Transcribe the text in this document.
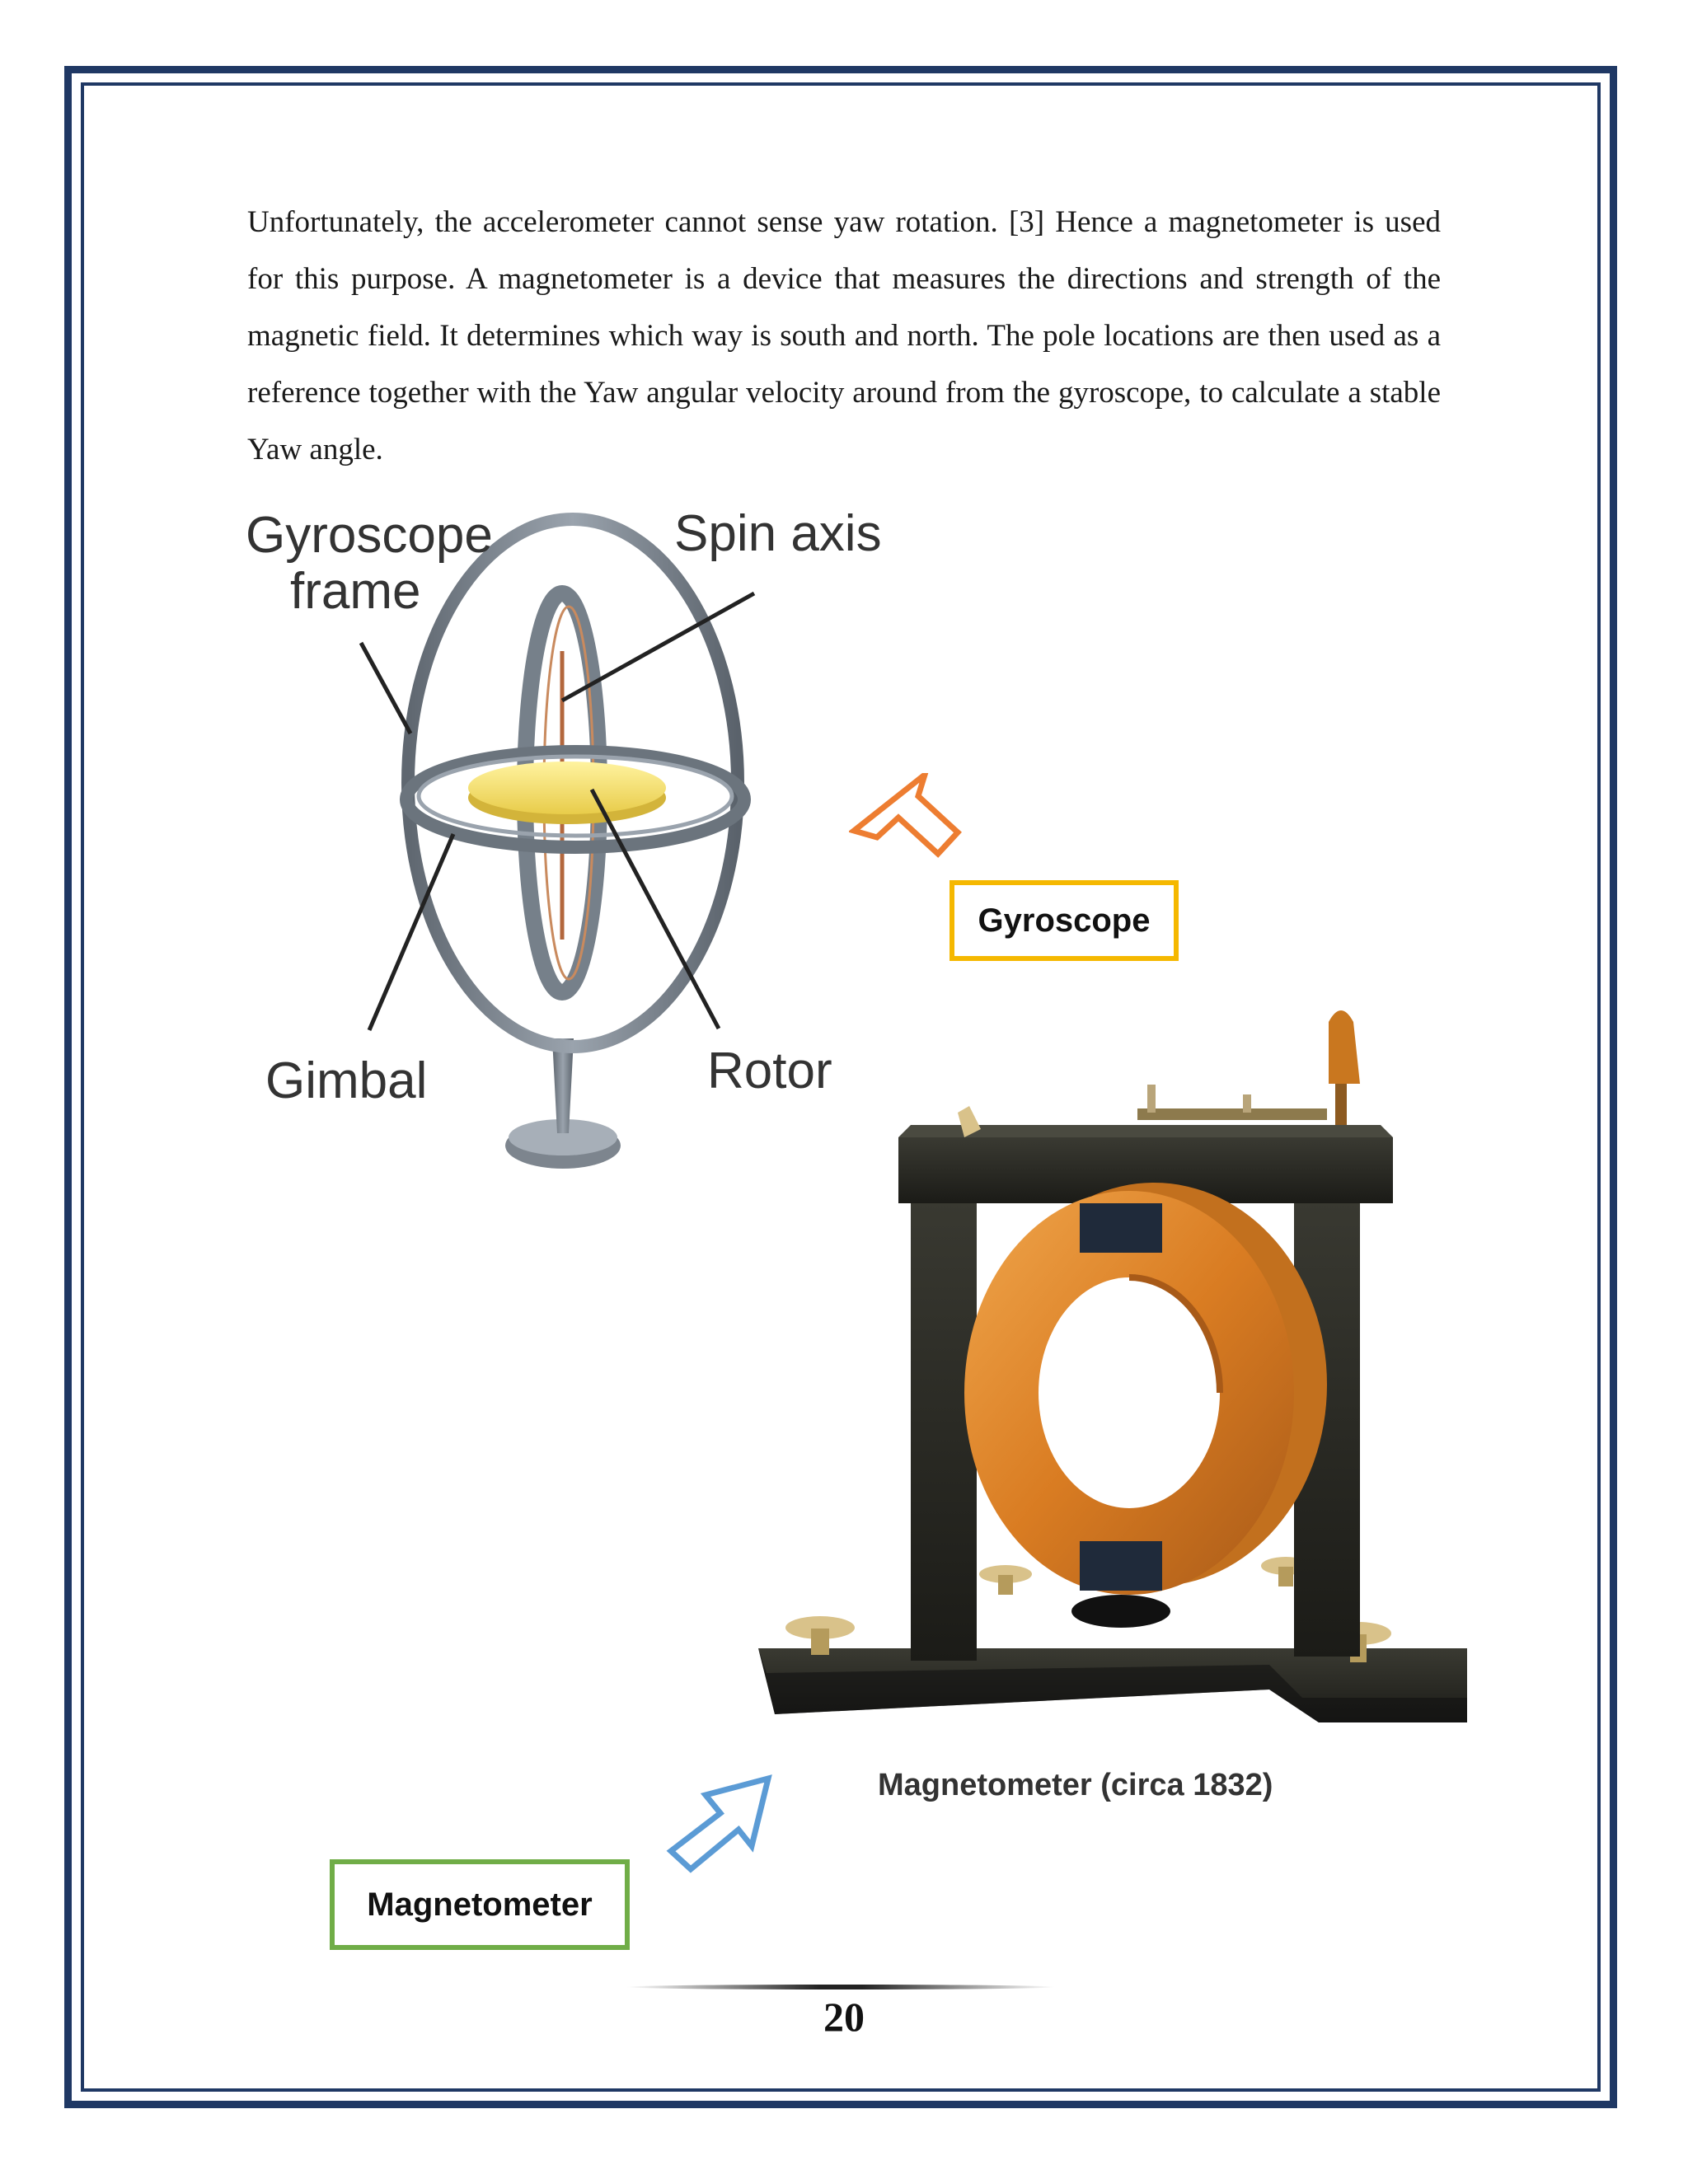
Unfortunately, the accelerometer cannot sense yaw rotation. [3] Hence a magnetometer is used for this purpose. A magnetometer is a device that measures the directions and strength of the magnetic field. It determines which way is south and north. The pole locations are then used as a reference together with the Yaw angular velocity around from the gyroscope, to calculate a stable Yaw angle.

Gyroscope
frame
Spin axis
Gimbal	Rotor
Gyroscope
Magnetometer (circa 1832)
Magnetometer
20
